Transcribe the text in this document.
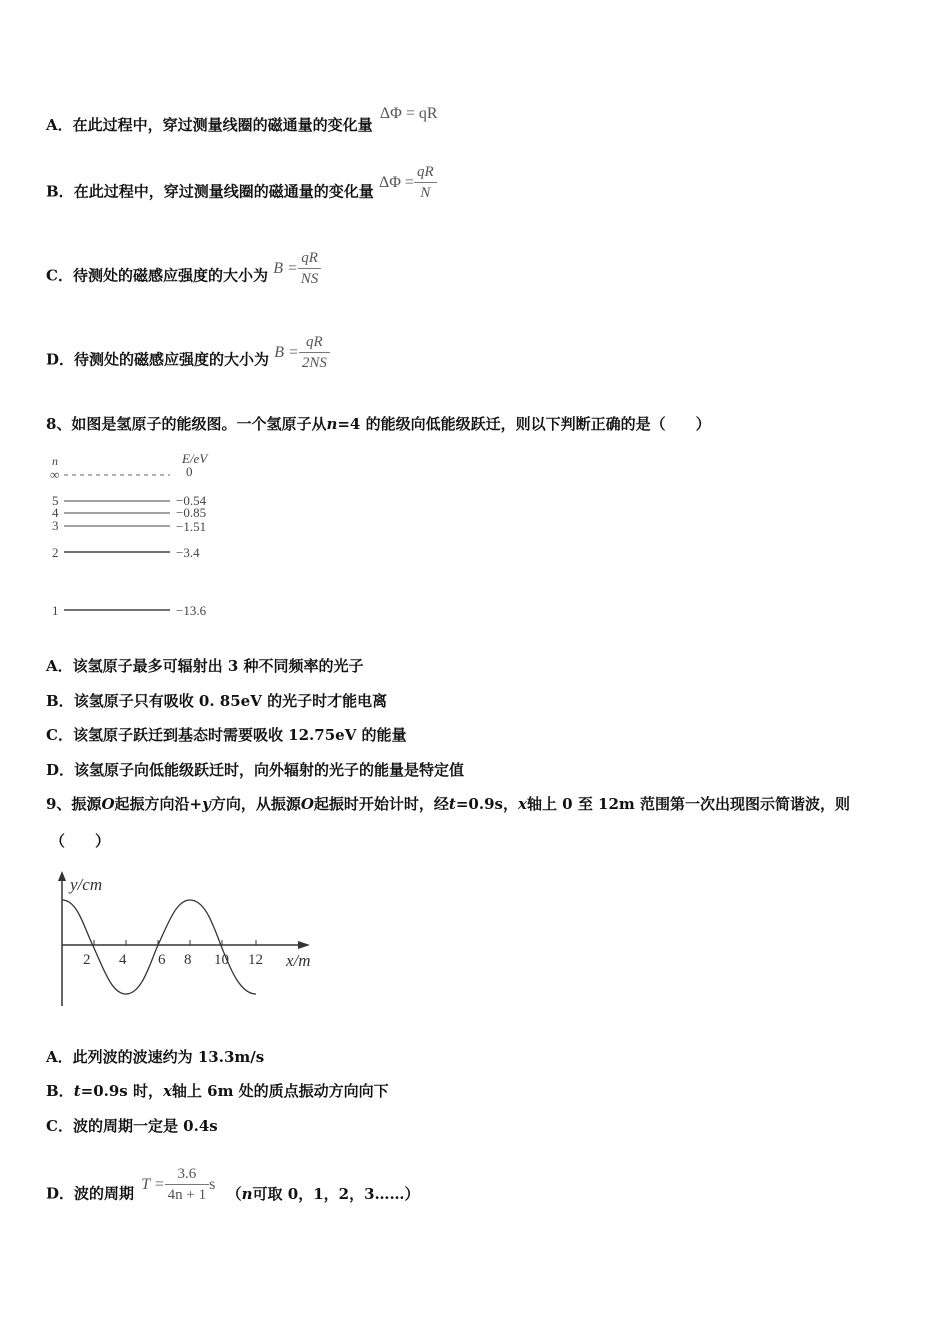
A．在此过程中，穿过测量线圈的磁通量的变化量 ΔΦ = qR
B．在此过程中，穿过测量线圈的磁通量的变化量 $\Delta\Phi = \frac{qR}{N}$
C．待测处的磁感应强度的大小为 $B = \frac{qR}{NS}$
D．待测处的磁感应强度的大小为 $B = \frac{qR}{2NS}$
8、如图是氢原子的能级图。一个氢原子从n=4 的能级向低能级跃迁，则以下判断正确的是（　　）
n	E/eV
∞	0
5	−0.54
4	−0.85
3	−1.51
2	−3.4
1	−13.6
A．该氢原子最多可辐射出 3 种不同频率的光子
B．该氢原子只有吸收 0. 85eV 的光子时才能电离
C．该氢原子跃迁到基态时需要吸收 12.75eV 的能量
D．该氢原子向低能级跃迁时，向外辐射的光子的能量是特定值
9、振源O起振方向沿+y方向，从振源O起振时开始计时，经t=0.9s，x轴上 0 至 12m 范围第一次出现图示简谐波，则
（　　）
y/cm
x/m
2 4 6 8 10 12
A．此列波的波速约为 13.3m/s
B．t=0.9s 时，x轴上 6m 处的质点振动方向向下
C．波的周期一定是 0.4s
D．波的周期 $T = \frac{3.6}{4n + 1}$ s （n可取 0，1，2，3……）
